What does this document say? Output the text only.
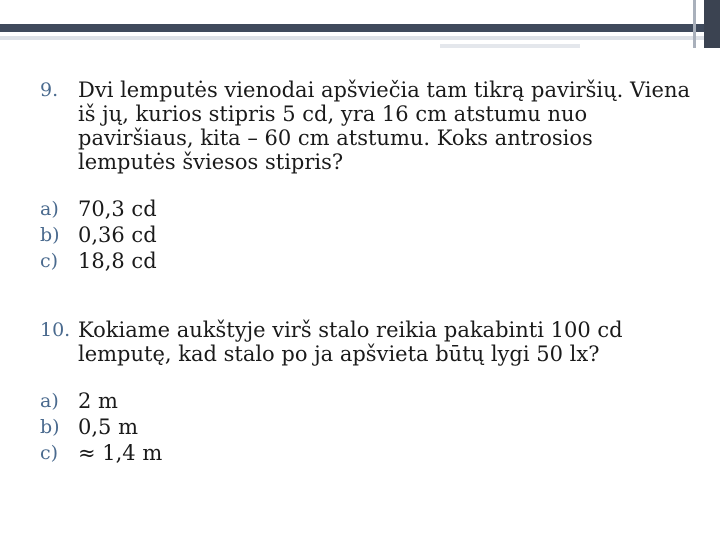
9. Dvi lemputės vienodai apšviečia tam tikrą paviršių. Viena iš jų, kurios stipris 5 cd, yra 16 cm atstumu nuo paviršiaus, kita – 60 cm atstumu. Koks antrosios lemputės šviesos stipris?
a) 70,3 cd
b) 0,36 cd
c) 18,8 cd
10. Kokiame aukštyje virš stalo reikia pakabinti 100 cd lemputę, kad stalo po ja apšvieta būtų lygi 50 lx?
a) 2 m
b) 0,5 m
c) ≈ 1,4 m
